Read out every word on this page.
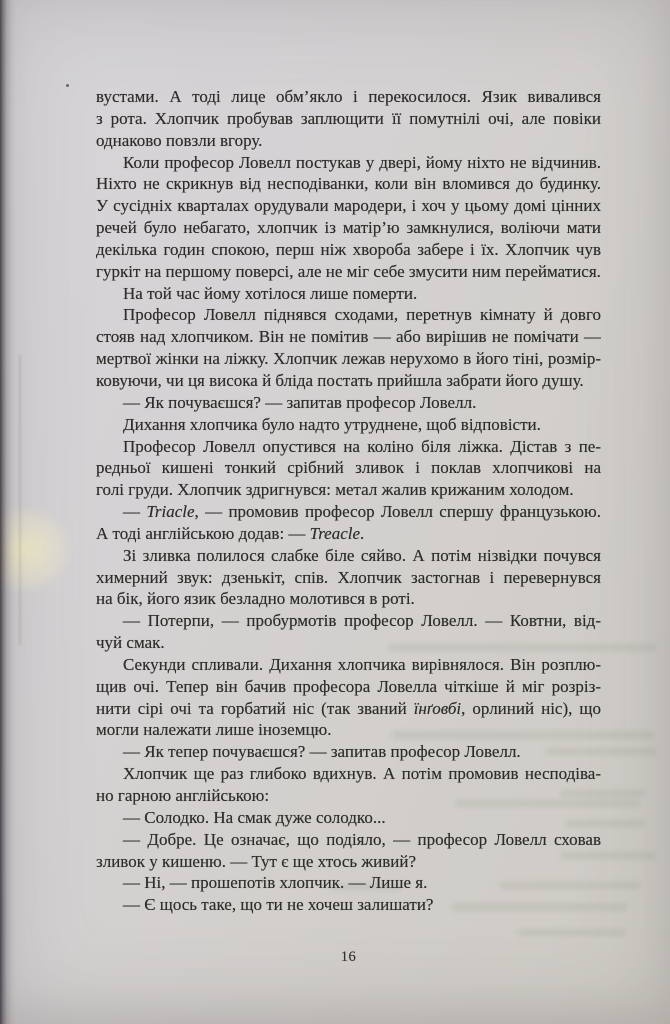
вустами. А тоді лице обм’якло і перекосилося. Язик вивалився
з рота. Хлопчик пробував заплющити її помутнілі очі, але повіки
однаково повзли вгору.
Коли професор Ловелл постукав у двері, йому ніхто не відчинив.
Ніхто не скрикнув від несподіванки, коли він вломився до будинку.
У сусідніх кварталах орудували мародери, і хоч у цьому домі цінних
речей було небагато, хлопчик із матір’ю замкнулися, воліючи мати
декілька годин спокою, перш ніж хвороба забере і їх. Хлопчик чув
гуркіт на першому поверсі, але не міг себе змусити ним перейматися.
На той час йому хотілося лише померти.
Професор Ловелл піднявся сходами, перетнув кімнату й довго
стояв над хлопчиком. Він не помітив — або вирішив не помічати —
мертвої жінки на ліжку. Хлопчик лежав нерухомо в його тіні, розмір-
ковуючи, чи ця висока й бліда постать прийшла забрати його душу.
— Як почуваєшся? — запитав професор Ловелл.
Дихання хлопчика було надто утруднене, щоб відповісти.
Професор Ловелл опустився на коліно біля ліжка. Дістав з пе-
редньої кишені тонкий срібний зливок і поклав хлопчикові на
голі груди. Хлопчик здригнувся: метал жалив крижаним холодом.
— Triacle, — промовив професор Ловелл спершу французькою.
А тоді англійською додав: — Treacle.
Зі зливка полилося слабке біле сяйво. А потім нізвідки почувся
химерний звук: дзенькіт, спів. Хлопчик застогнав і перевернувся
на бік, його язик безладно молотився в роті.
— Потерпи, — пробурмотів професор Ловелл. — Ковтни, від-
чуй смак.
Секунди спливали. Дихання хлопчика вирівнялося. Він розплю-
щив очі. Тепер він бачив професора Ловелла чіткіше й міг розріз-
нити сірі очі та горбатий ніс (так званий їнґовбі, орлиний ніс), що
могли належати лише іноземцю.
— Як тепер почуваєшся? — запитав професор Ловелл.
Хлопчик ще раз глибоко вдихнув. А потім промовив несподіва-
но гарною англійською:
— Солодко. На смак дуже солодко...
— Добре. Це означає, що подіяло, — професор Ловелл сховав
зливок у кишеню. — Тут є ще хтось живий?
— Ні, — прошепотів хлопчик. — Лише я.
— Є щось таке, що ти не хочеш залишати?
16
